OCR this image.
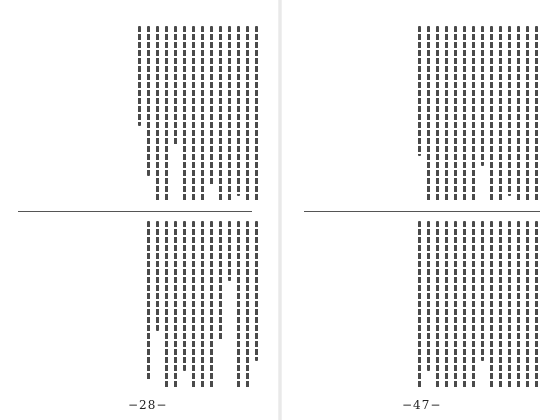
−28−	−47−
